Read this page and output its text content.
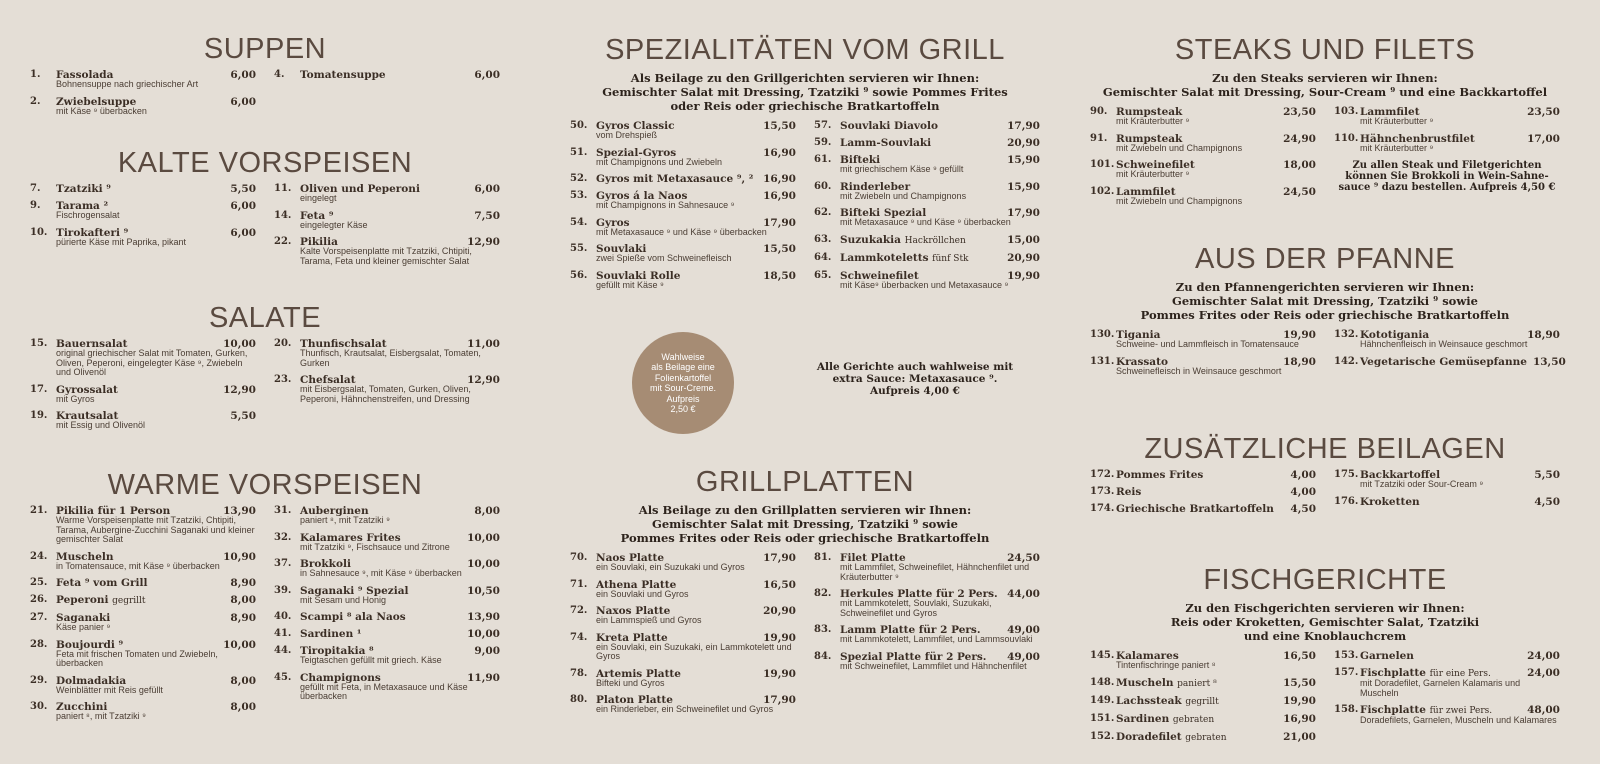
SUPPEN
1.	Fassolada	6,00
Bohnensuppe nach griechischer Art
2.	Zwiebelsuppe	6,00
mit Käse ⁹ überbacken
4.	Tomatensuppe	6,00
KALTE VORSPEISEN
7.	Tzatziki ⁹	5,50
9.	Tarama ²	6,00
Fischrogensalat
10. Tirokafteri ⁹	6,00
pürierte Käse mit Paprika, pikant
11. Oliven und Peperoni	6,00
eingelegt
14. Feta ⁹	7,50
eingelegter Käse
22. Pikilia	12,90
Kalte Vorspeisenplatte mit Tzatziki, Chtipiti, Tarama, Feta und kleiner gemischter Salat
SALATE
15. Bauernsalat	10,00
original griechischer Salat mit Tomaten, Gurken, Oliven, Peperoni, eingelegter Käse ⁹, Zwiebeln und Olivenöl
17. Gyrossalat	12,90
mit Gyros
19. Krautsalat	5,50
mit Essig und Olivenöl
20. Thunfischsalat	11,00
Thunfisch, Krautsalat, Eisbergsalat, Tomaten, Gurken
23. Chefsalat	12,90
mit Eisbergsalat, Tomaten, Gurken, Oliven, Peperoni, Hähnchenstreifen, und Dressing
WARME VORSPEISEN
21. Pikilia für 1 Person	13,90
Warme Vorspeisenplatte mit Tzatziki, Chtipiti, Tarama, Aubergine-Zucchini Saganaki und kleiner gemischter Salat
24. Muscheln	10,90
in Tomatensauce, mit Käse ⁹ überbacken
25. Feta ⁹ vom Grill	8,90
26. Peperoni gegrillt	8,00
27. Saganaki	8,90
Käse panier ⁹
28. Boujourdi ⁹	10,00
Feta mit frischen Tomaten und Zwiebeln, überbacken
29. Dolmadakia	8,00
Weinblätter mit Reis gefüllt
30. Zucchini	8,00
paniert ⁸, mit Tzatziki ⁹
31. Auberginen	8,00
paniert ⁸, mit Tzatziki ⁹
32. Kalamares Frites	10,00
mit Tzatziki ⁹, Fischsauce und Zitrone
37. Brokkoli	10,00
in Sahnesauce ⁹, mit Käse ⁹ überbacken
39. Saganaki ⁹ Spezial	10,50
mit Sesam und Honig
40. Scampi ⁸ ala Naos	13,90
41. Sardinen ¹	10,00
44. Tiropitakia ⁸	9,00
Teigtaschen gefüllt mit griech. Käse
45. Champignons	11,90
gefüllt mit Feta, in Metaxasauce und Käse überbacken
SPEZIALITÄTEN VOM GRILL
Als Beilage zu den Grillgerichten servieren wir Ihnen:
Gemischter Salat mit Dressing, Tzatziki ⁹ sowie Pommes Frites
oder Reis oder griechische Bratkartoffeln
50. Gyros Classic	15,50
vom Drehspieß
51. Spezial-Gyros	16,90
mit Champignons und Zwiebeln
52. Gyros mit Metaxasauce ⁹, ² 16,90
53. Gyros á la Naos	16,90
mit Champignons in Sahnesauce ⁹
54. Gyros	17,90
mit Metaxasauce ⁹ und Käse ⁹ überbacken
55. Souvlaki	15,50
zwei Spieße vom Schweinefleisch
56. Souvlaki Rolle	18,50
gefüllt mit Käse ⁹
57. Souvlaki Diavolo	17,90
59. Lamm-Souvlaki	20,90
61. Bifteki	15,90
mit griechischem Käse ⁹ gefüllt
60. Rinderleber	15,90
mit Zwiebeln und Champignons
62. Bifteki Spezial	17,90
mit Metaxasauce ⁹ und Käse ⁹ überbacken
63. Suzukakia Hackröllchen	15,00
64. Lammkoteletts fünf Stk	20,90
65. Schweinefilet	19,90
mit Käse⁹ überbacken und Metaxasauce ⁹
Wahlweise
als Beilage eine
Folienkartoffel
mit Sour-Creme.
Aufpreis
2,50 €
Alle Gerichte auch wahlweise mit
extra Sauce: Metaxasauce ⁹.
Aufpreis 4,00 €
GRILLPLATTEN
Als Beilage zu den Grillplatten servieren wir Ihnen:
Gemischter Salat mit Dressing, Tzatziki ⁹ sowie
Pommes Frites oder Reis oder griechische Bratkartoffeln
70. Naos Platte	17,90
ein Souvlaki, ein Suzukaki und Gyros
71. Athena Platte	16,50
ein Souvlaki und Gyros
72. Naxos Platte	20,90
ein Lammspieß und Gyros
74. Kreta Platte	19,90
ein Souvlaki, ein Suzukaki, ein Lammkotelett und Gyros
78. Artemis Platte	19,90
Bifteki und Gyros
80. Platon Platte	17,90
ein Rinderleber, ein Schweinefilet und Gyros
81. Filet Platte	24,50
mit Lammfilet, Schweinefilet, Hähnchenfilet und Kräuterbutter ⁹
82. Herkules Platte für 2 Pers. 44,00
mit Lammkotelett, Souvlaki, Suzukaki, Schweinefilet und Gyros
83. Lamm Platte für 2 Pers.	49,00
mit Lammkotelett, Lammfilet, und Lammsouvlaki
84. Spezial Platte für 2 Pers. 49,00
mit Schweinefilet, Lammfilet und Hähnchenfilet
STEAKS UND FILETS
Zu den Steaks servieren wir Ihnen:
Gemischter Salat mit Dressing, Sour-Cream ⁹ und eine Backkartoffel
90. Rumpsteak	23,50
mit Kräuterbutter ⁹
91. Rumpsteak	24,90
mit Zwiebeln und Champignons
101. Schweinefilet	18,00
mit Kräuterbutter ⁹
102. Lammfilet	24,50
mit Zwiebeln und Champignons
103. Lammfilet	23,50
mit Kräuterbutter ⁹
110. Hähnchenbrustfilet	17,00
mit Kräuterbutter ⁹
Zu allen Steak und Filetgerichten
können Sie Brokkoli in Wein-Sahne-
sauce ⁹ dazu bestellen. Aufpreis 4,50 €
AUS DER PFANNE
Zu den Pfannengerichten servieren wir Ihnen:
Gemischter Salat mit Dressing, Tzatziki ⁹ sowie
Pommes Frites oder Reis oder griechische Bratkartoffeln
130. Tigania	19,90
Schweine- und Lammfleisch in Tomatensauce
131. Krassato	18,90
Schweinefleisch in Weinsauce geschmort
132. Kototigania	18,90
Hähnchenfleisch in Weinsauce geschmort
142. Vegetarische Gemüsepfanne 13,50
ZUSÄTZLICHE BEILAGEN
172. Pommes Frites	4,00
173. Reis	4,00
174. Griechische Bratkartoffeln 4,50
175. Backkartoffel	5,50
mit Tzatziki oder Sour-Cream ⁹
176. Kroketten	4,50
FISCHGERICHTE
Zu den Fischgerichten servieren wir Ihnen:
Reis oder Kroketten, Gemischter Salat, Tzatziki
und eine Knoblauchcrem
145. Kalamares	16,50
Tintenfischringe paniert ⁸
148. Muscheln paniert ⁸	15,50
149. Lachssteak gegrillt	19,90
151. Sardinen gebraten	16,90
152. Doradefilet gebraten	21,00
153. Garnelen	24,00
157. Fischplatte für eine Pers.	24,00
mit Doradefilet, Garnelen Kalamaris und Muscheln
158. Fischplatte für zwei Pers.	48,00
Doradefilets, Garnelen, Muscheln und Kalamares
